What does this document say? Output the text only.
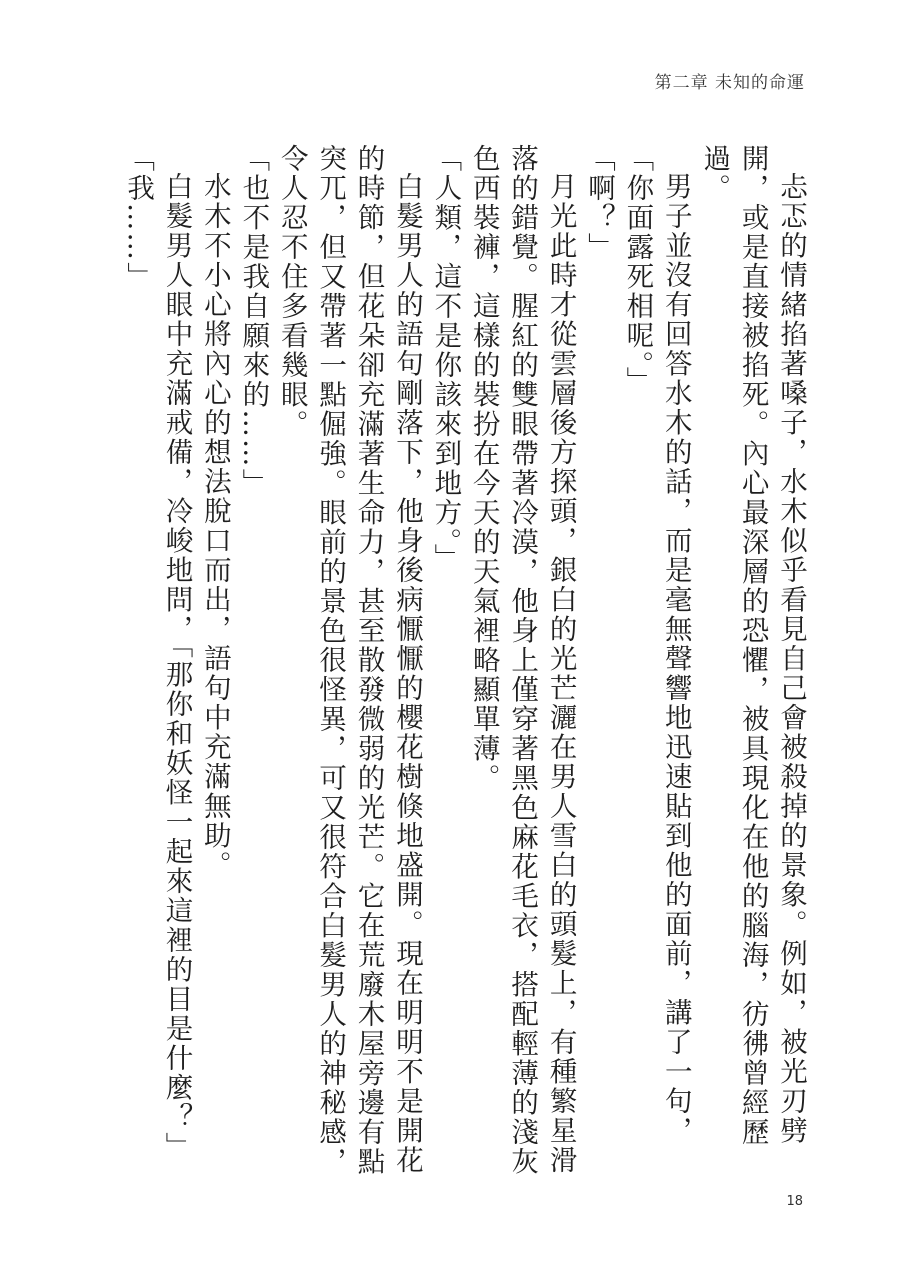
第二章 未知的命運

忐忑的情緒掐著嗓子，水木似乎看見自己會被殺掉的景象。例如，被光刃劈開，或是直接被掐死。內心最深層的恐懼，被具現化在他的腦海，彷彿曾經歷過。

男子並沒有回答水木的話，而是毫無聲響地迅速貼到他的面前，講了一句，「你面露死相呢。」

「啊？」

月光此時才從雲層後方探頭，銀白的光芒灑在男人雪白的頭髮上，有種繁星滑落的錯覺。腥紅的雙眼帶著冷漠，他身上僅穿著黑色麻花毛衣，搭配輕薄的淺灰色西裝褲，這樣的裝扮在今天的天氣裡略顯單薄。

「人類，這不是你該來到地方。」

白髮男人的語句剛落下，他身後病懨懨的櫻花樹倏地盛開。現在明明不是開花的時節，但花朵卻充滿著生命力，甚至散發微弱的光芒。它在荒廢木屋旁邊有點突兀，但又帶著一點倔強。眼前的景色很怪異，可又很符合白髮男人的神秘感，令人忍不住多看幾眼。

「也不是我自願來的……」

水木不小心將內心的想法脫口而出，語句中充滿無助。

白髮男人眼中充滿戒備，冷峻地問，「那你和妖怪一起來這裡的目是什麼？」

「我……」

18
